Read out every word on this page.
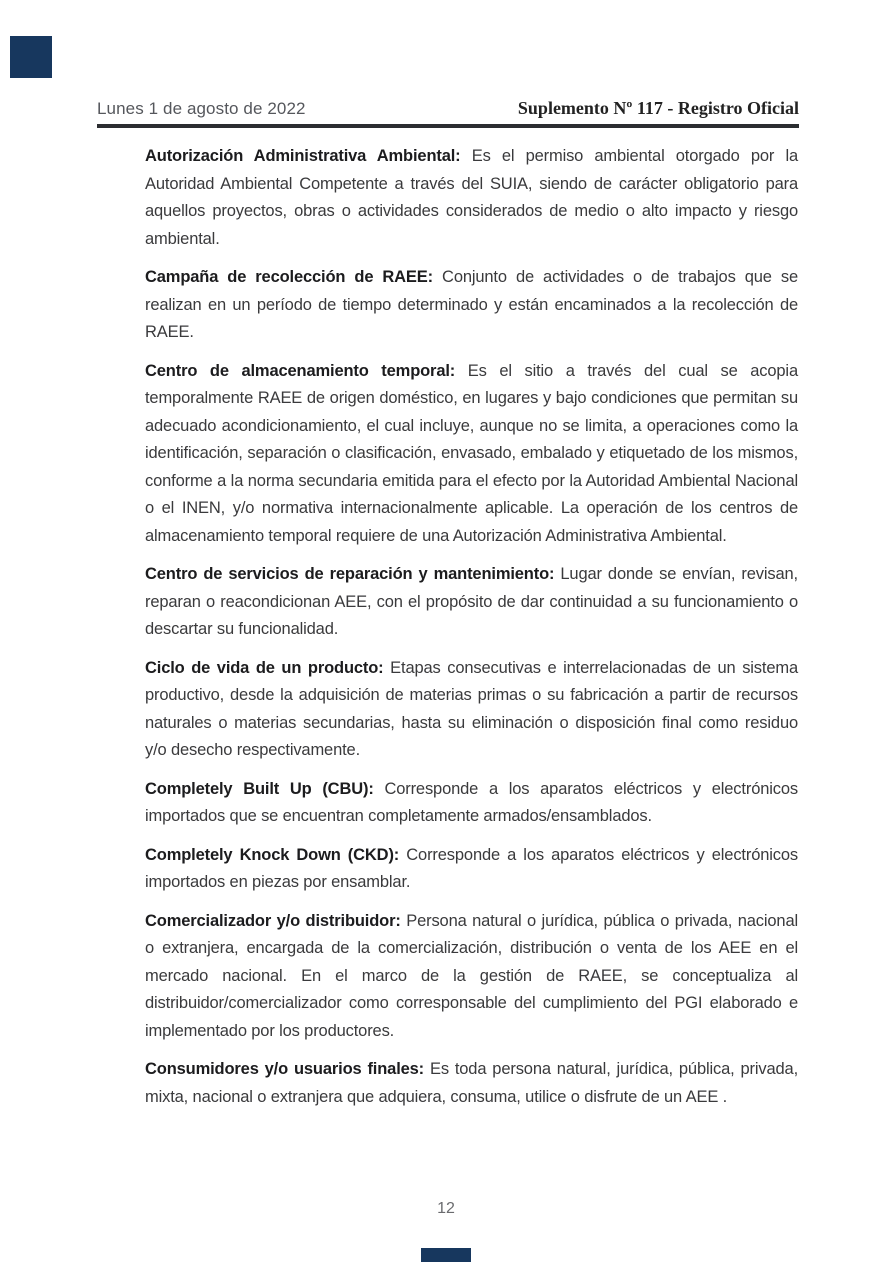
Lunes 1 de agosto de 2022	Suplemento Nº 117 - Registro Oficial

Autorización Administrativa Ambiental: Es el permiso ambiental otorgado por la Autoridad Ambiental Competente a través del SUIA, siendo de carácter obligatorio para aquellos proyectos, obras o actividades considerados de medio o alto impacto y riesgo ambiental.

Campaña de recolección de RAEE: Conjunto de actividades o de trabajos que se realizan en un período de tiempo determinado y están encaminados a la recolección de RAEE.

Centro de almacenamiento temporal: Es el sitio a través del cual se acopia temporalmente RAEE de origen doméstico, en lugares y bajo condiciones que permitan su adecuado acondicionamiento, el cual incluye, aunque no se limita, a operaciones como la identificación, separación o clasificación, envasado, embalado y etiquetado de los mismos, conforme a la norma secundaria emitida para el efecto por la Autoridad Ambiental Nacional o el INEN, y/o normativa internacionalmente aplicable. La operación de los centros de almacenamiento temporal requiere de una Autorización Administrativa Ambiental.

Centro de servicios de reparación y mantenimiento: Lugar donde se envían, revisan, reparan o reacondicionan AEE, con el propósito de dar continuidad a su funcionamiento o descartar su funcionalidad.

Ciclo de vida de un producto: Etapas consecutivas e interrelacionadas de un sistema productivo, desde la adquisición de materias primas o su fabricación a partir de recursos naturales o materias secundarias, hasta su eliminación o disposición final como residuo y/o desecho respectivamente.

Completely Built Up (CBU): Corresponde a los aparatos eléctricos y electrónicos importados que se encuentran completamente armados/ensamblados.

Completely Knock Down (CKD): Corresponde a los aparatos eléctricos y electrónicos importados en piezas por ensamblar.

Comercializador y/o distribuidor: Persona natural o jurídica, pública o privada, nacional o extranjera, encargada de la comercialización, distribución o venta de los AEE en el mercado nacional. En el marco de la gestión de RAEE, se conceptualiza al distribuidor/comercializador como corresponsable del cumplimiento del PGI elaborado e implementado por los productores.

Consumidores y/o usuarios finales: Es toda persona natural, jurídica, pública, privada, mixta, nacional o extranjera que adquiera, consuma, utilice o disfrute de un AEE .

12
